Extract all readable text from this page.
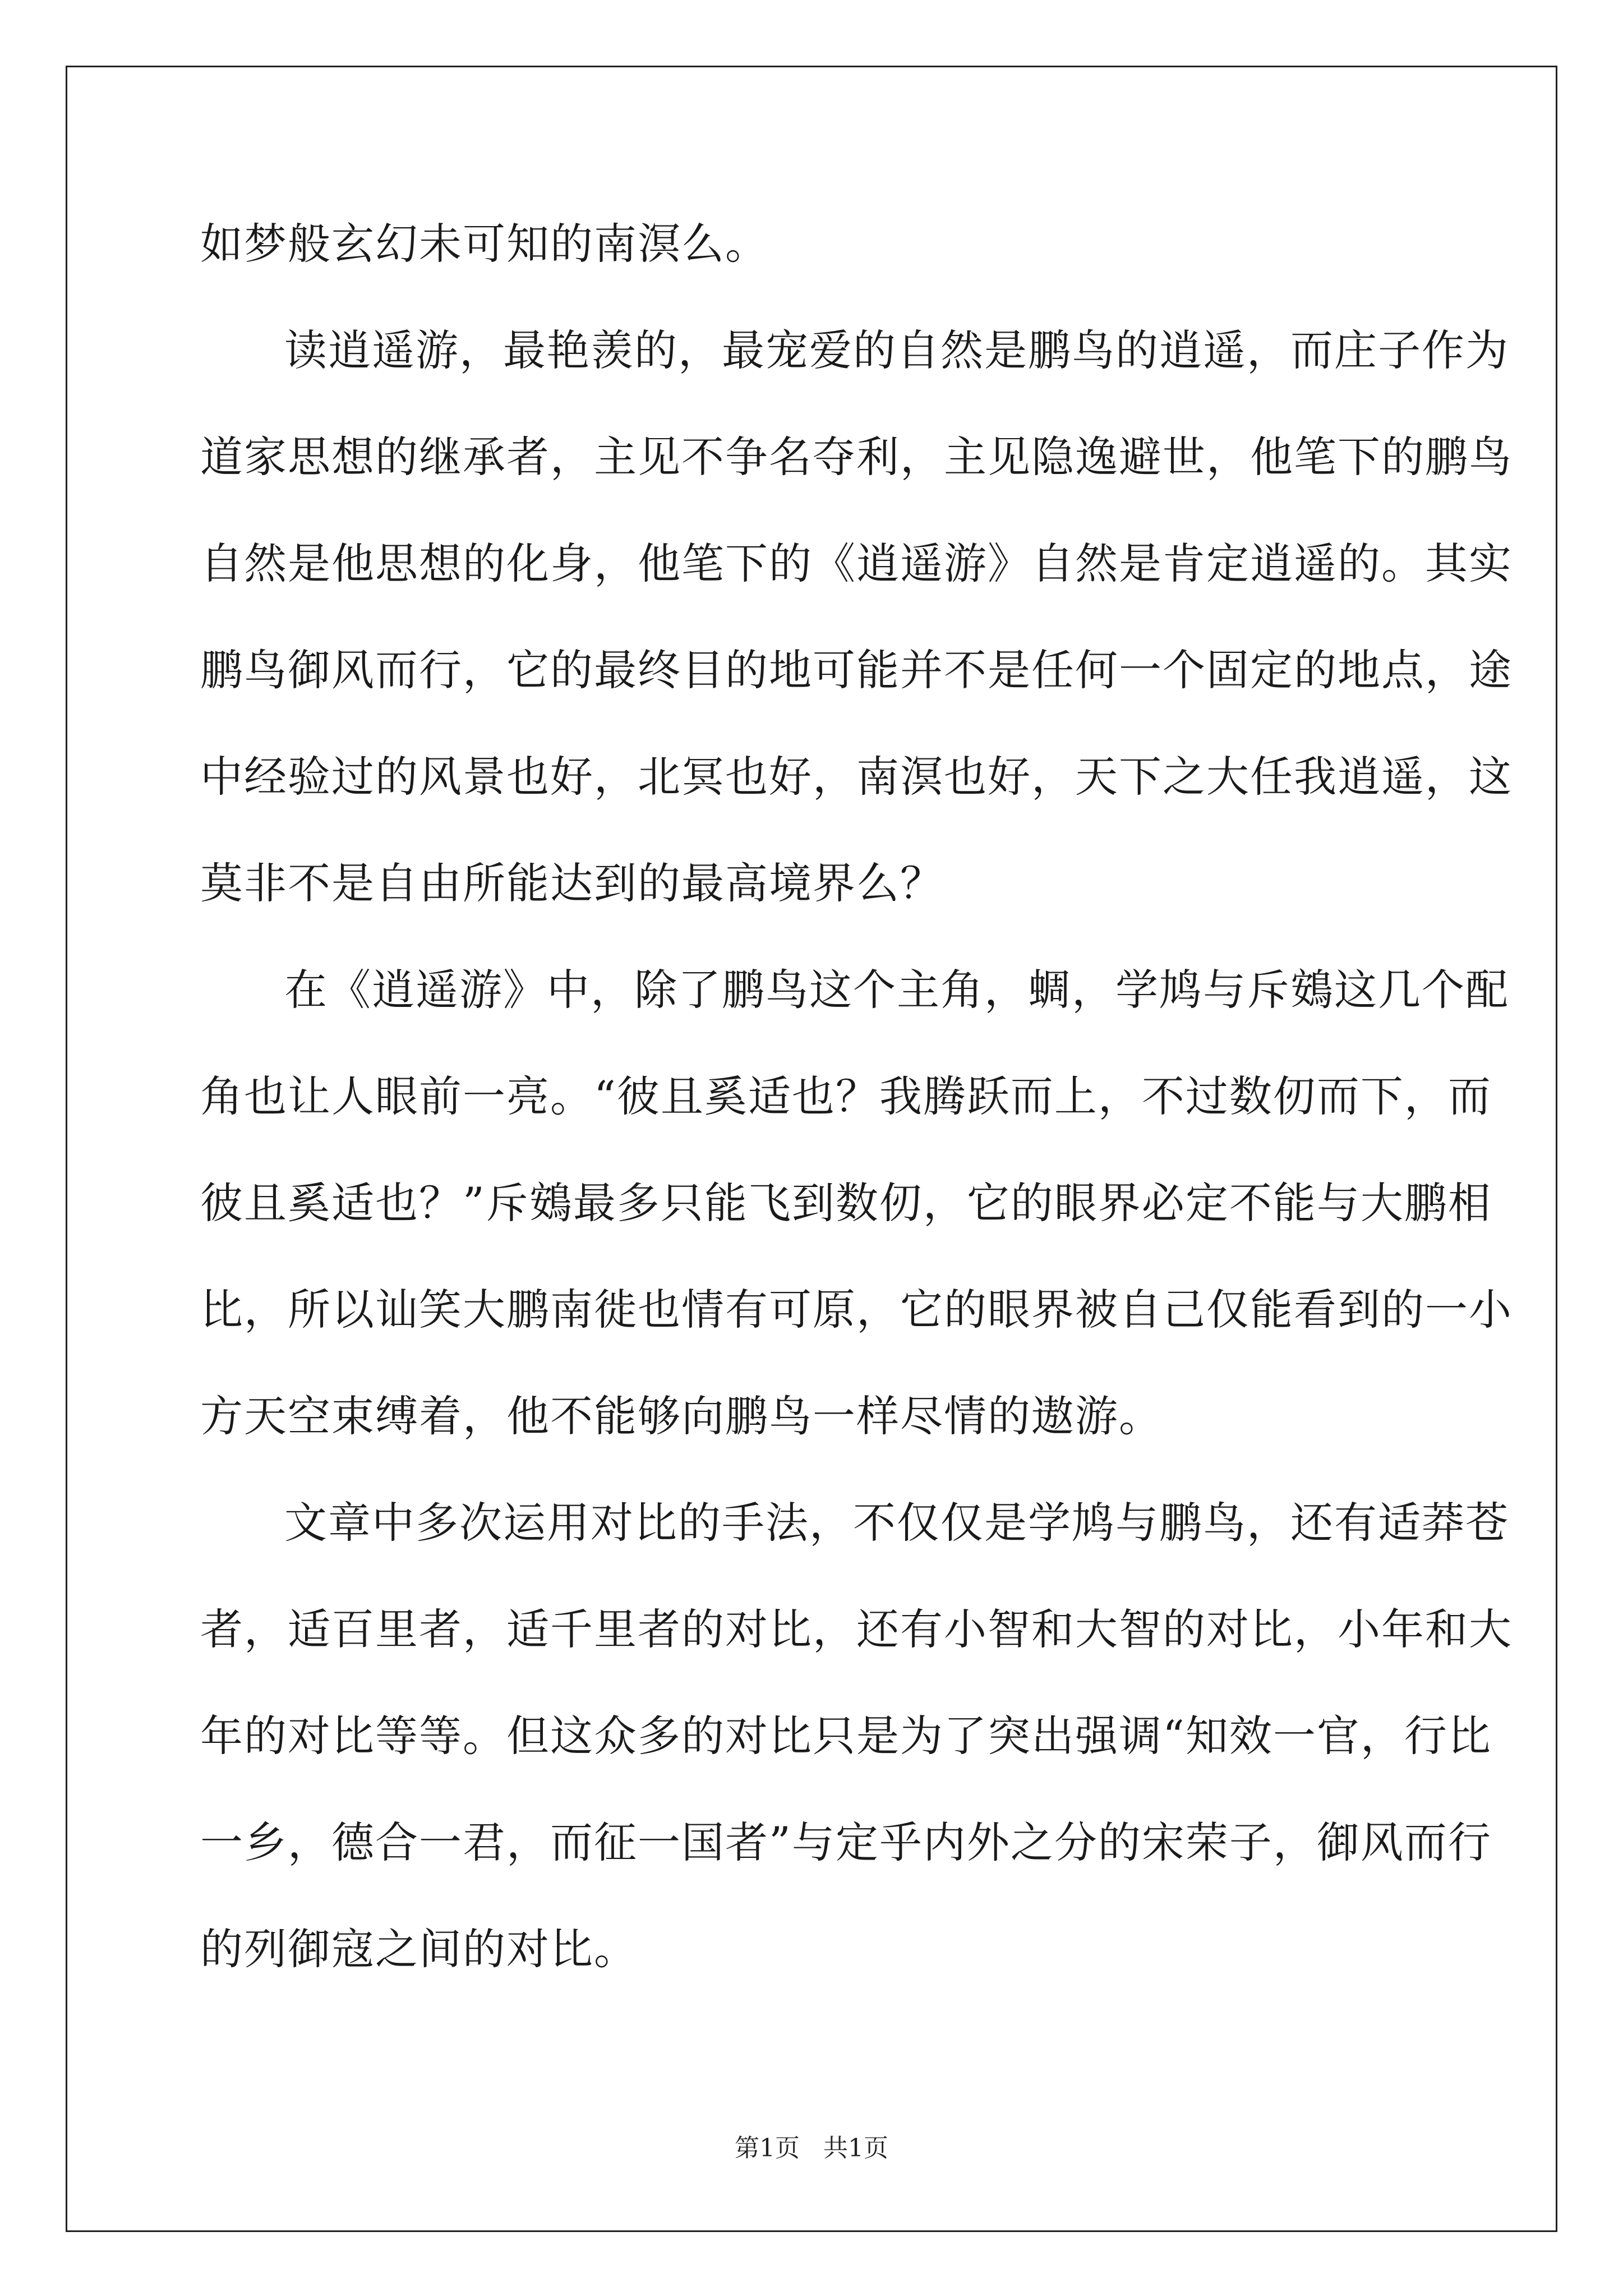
如梦般玄幻未可知的南溟么。
读逍遥游，最艳羡的，最宠爱的自然是鹏鸟的逍遥，而庄子作为
道家思想的继承者，主见不争名夺利，主见隐逸避世，他笔下的鹏鸟
自然是他思想的化身，他笔下的《逍遥游》自然是肯定逍遥的。其实
鹏鸟御风而行，它的最终目的地可能并不是任何一个固定的地点，途
中经验过的风景也好，北冥也好，南溟也好，天下之大任我逍遥，这
莫非不是自由所能达到的最高境界么？
在《逍遥游》中，除了鹏鸟这个主角，蜩，学鸠与斥鴳这几个配
角也让人眼前一亮。“彼且奚适也？我腾跃而上，不过数仞而下，而
彼且奚适也？”斥鴳最多只能飞到数仞，它的眼界必定不能与大鹏相
比，所以讪笑大鹏南徙也情有可原，它的眼界被自己仅能看到的一小
方天空束缚着，他不能够向鹏鸟一样尽情的遨游。
文章中多次运用对比的手法，不仅仅是学鸠与鹏鸟，还有适莽苍
者，适百里者，适千里者的对比，还有小智和大智的对比，小年和大
年的对比等等。但这众多的对比只是为了突出强调“知效一官，行比
一乡，德合一君，而征一国者”与定乎内外之分的宋荣子，御风而行
的列御寇之间的对比。
第1页 共1页
